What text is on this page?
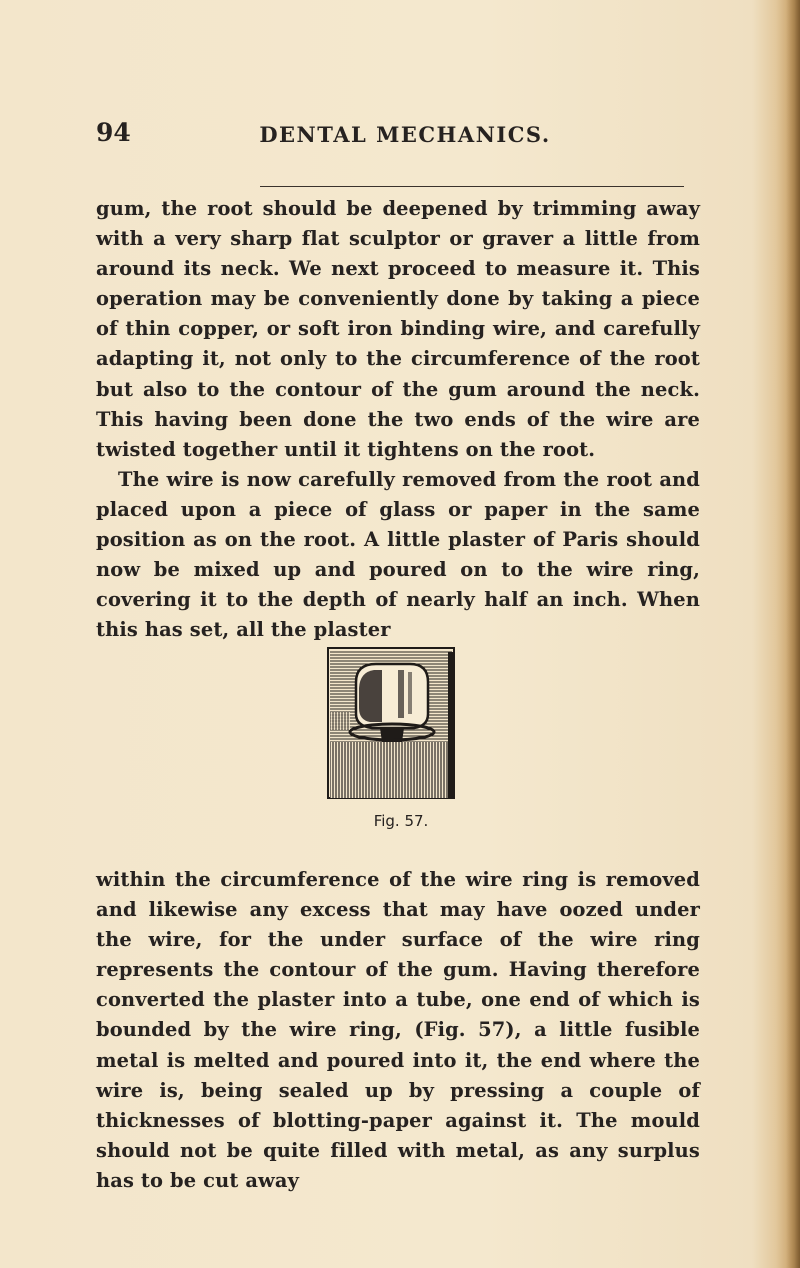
94	DENTAL MECHANICS.

gum, the root should be deepened by trimming away with a very sharp flat sculptor or graver a little from around its neck. We next proceed to measure it. This operation may be conveniently done by taking a piece of thin copper, or soft iron binding wire, and carefully adapting it, not only to the circumference of the root but also to the contour of the gum around the neck. This having been done the two ends of the wire are twisted together until it tightens on the root.

The wire is now carefully removed from the root and placed upon a piece of glass or paper in the same position as on the root. A little plaster of Paris should now be mixed up and poured on to the wire ring, covering it to the depth of nearly half an inch. When this has set, all the plaster

Fig. 57.

within the circumference of the wire ring is removed and likewise any excess that may have oozed under the wire, for the under surface of the wire ring represents the contour of the gum. Having therefore converted the plaster into a tube, one end of which is bounded by the wire ring, (Fig. 57), a little fusible metal is melted and poured into it, the end where the wire is, being sealed up by pressing a couple of thicknesses of blotting-paper against it. The mould should not be quite filled with metal, as any surplus has to be cut away
